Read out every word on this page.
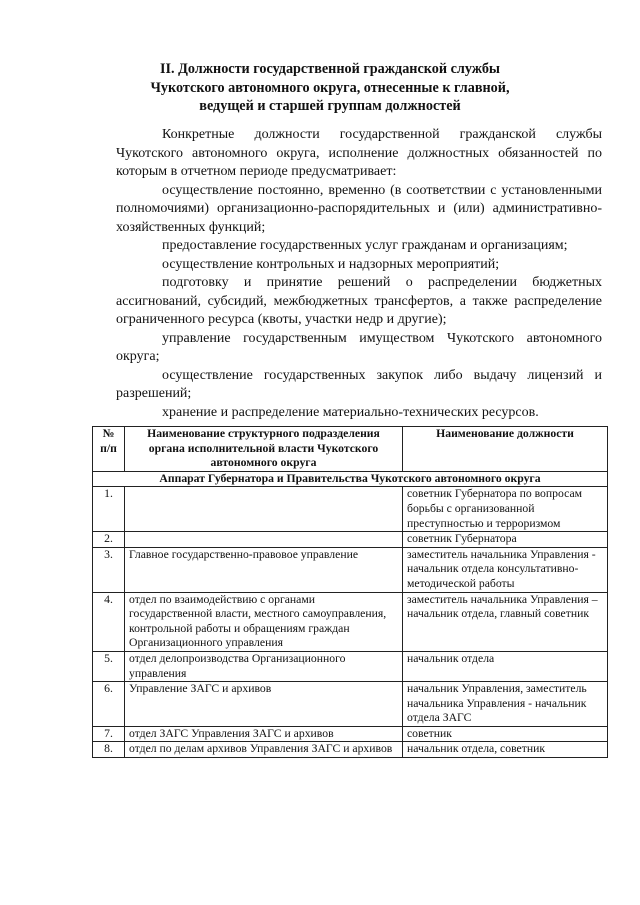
II. Должности государственной гражданской службы
Чукотского автономного округа, отнесенные к главной,
ведущей и старшей группам должностей
Конкретные должности государственной гражданской службы Чукотского автономного округа, исполнение должностных обязанностей по которым в отчетном периоде предусматривает:
осуществление постоянно, временно (в соответствии с установленными полномочиями) организационно-распорядительных и (или) административно-хозяйственных функций;
предоставление государственных услуг гражданам и организациям;
осуществление контрольных и надзорных мероприятий;
подготовку и принятие решений о распределении бюджетных ассигнований, субсидий, межбюджетных трансфертов, а также распределение ограниченного ресурса (квоты, участки недр и другие);
управление государственным имуществом Чукотского автономного округа;
осуществление государственных закупок либо выдачу лицензий и разрешений;
хранение и распределение материально-технических ресурсов.
№ п/п	Наименование структурного подразделения органа исполнительной власти Чукотского автономного округа	Наименование должности
Аппарат Губернатора и Правительства Чукотского автономного округа		
1.		советник Губернатора по вопросам борьбы с организованной преступностью и терроризмом
2.		советник Губернатора
3.	Главное государственно-правовое управление	заместитель начальника Управления - начальник отдела консультативно-методической работы
4.	отдел по взаимодействию с органами государственной власти, местного самоуправления, контрольной работы и обращениям граждан Организационного управления	заместитель начальника Управления – начальник отдела, главный советник
5.	отдел делопроизводства Организационного управления	начальник отдела
6.	Управление ЗАГС и архивов	начальник Управления, заместитель начальника Управления - начальник отдела ЗАГС
7.	отдел ЗАГС Управления ЗАГС и архивов	советник
8.	отдел по делам архивов Управления ЗАГС и архивов	начальник отдела, советник
